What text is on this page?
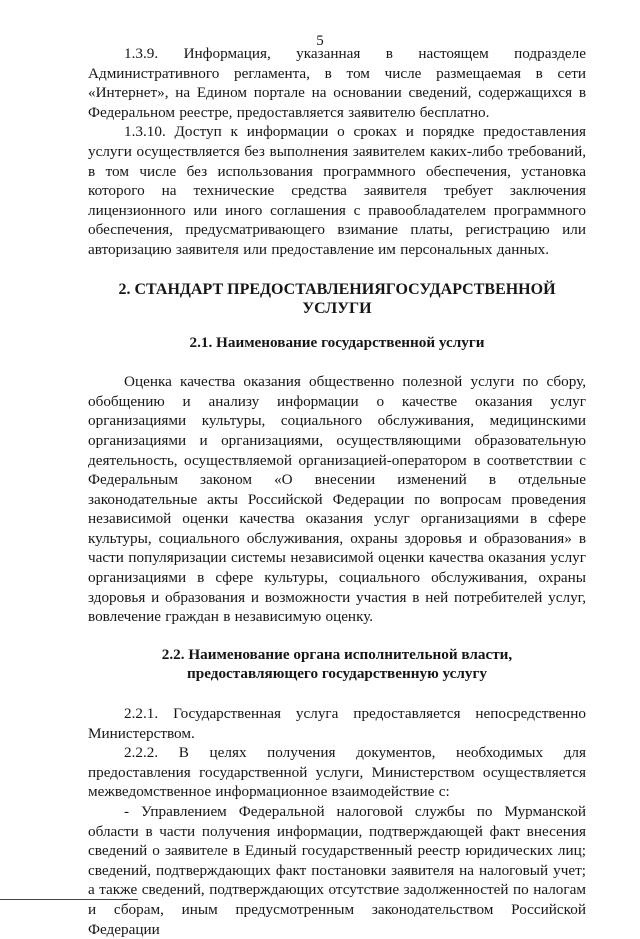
5

1.3.9. Информация, указанная в настоящем подразделе Административного регламента, в том числе размещаемая в сети «Интернет», на Едином портале на основании сведений, содержащихся в Федеральном реестре, предоставляется заявителю бесплатно.

1.3.10. Доступ к информации о сроках и порядке предоставления услуги осуществляется без выполнения заявителем каких-либо требований, в том числе без использования программного обеспечения, установка которого на технические средства заявителя требует заключения лицензионного или иного соглашения с правообладателем программного обеспечения, предусматривающего взимание платы, регистрацию или авторизацию заявителя или предоставление им персональных данных.

2. СТАНДАРТ ПРЕДОСТАВЛЕНИЯГОСУДАРСТВЕННОЙ
УСЛУГИ
2.1. Наименование государственной услуги

Оценка качества оказания общественно полезной услуги по сбору, обобщению и анализу информации о качестве оказания услуг организациями культуры, социального обслуживания, медицинскими организациями и организациями, осуществляющими образовательную деятельность, осуществляемой организацией-оператором в соответствии с Федеральным законом «О внесении изменений в отдельные законодательные акты Российской Федерации по вопросам проведения независимой оценки качества оказания услуг организациями в сфере культуры, социального обслуживания, охраны здоровья и образования» в части популяризации системы независимой оценки качества оказания услуг организациями в сфере культуры, социального обслуживания, охраны здоровья и образования и возможности участия в ней потребителей услуг, вовлечение граждан в независимую оценку.

2.2. Наименование органа исполнительной власти,
предоставляющего государственную услугу

2.2.1. Государственная услуга предоставляется непосредственно Министерством.

2.2.2. В целях получения документов, необходимых для предоставления государственной услуги, Министерством осуществляется межведомственное информационное взаимодействие с:

- Управлением Федеральной налоговой службы по Мурманской области в части получения информации, подтверждающей факт внесения сведений о заявителе в Единый государственный реестр юридических лиц; сведений, подтверждающих факт постановки заявителя на налоговый учет; а также сведений, подтверждающих отсутствие задолженностей по налогам и сборам, иным предусмотренным законодательством Российской Федерации
